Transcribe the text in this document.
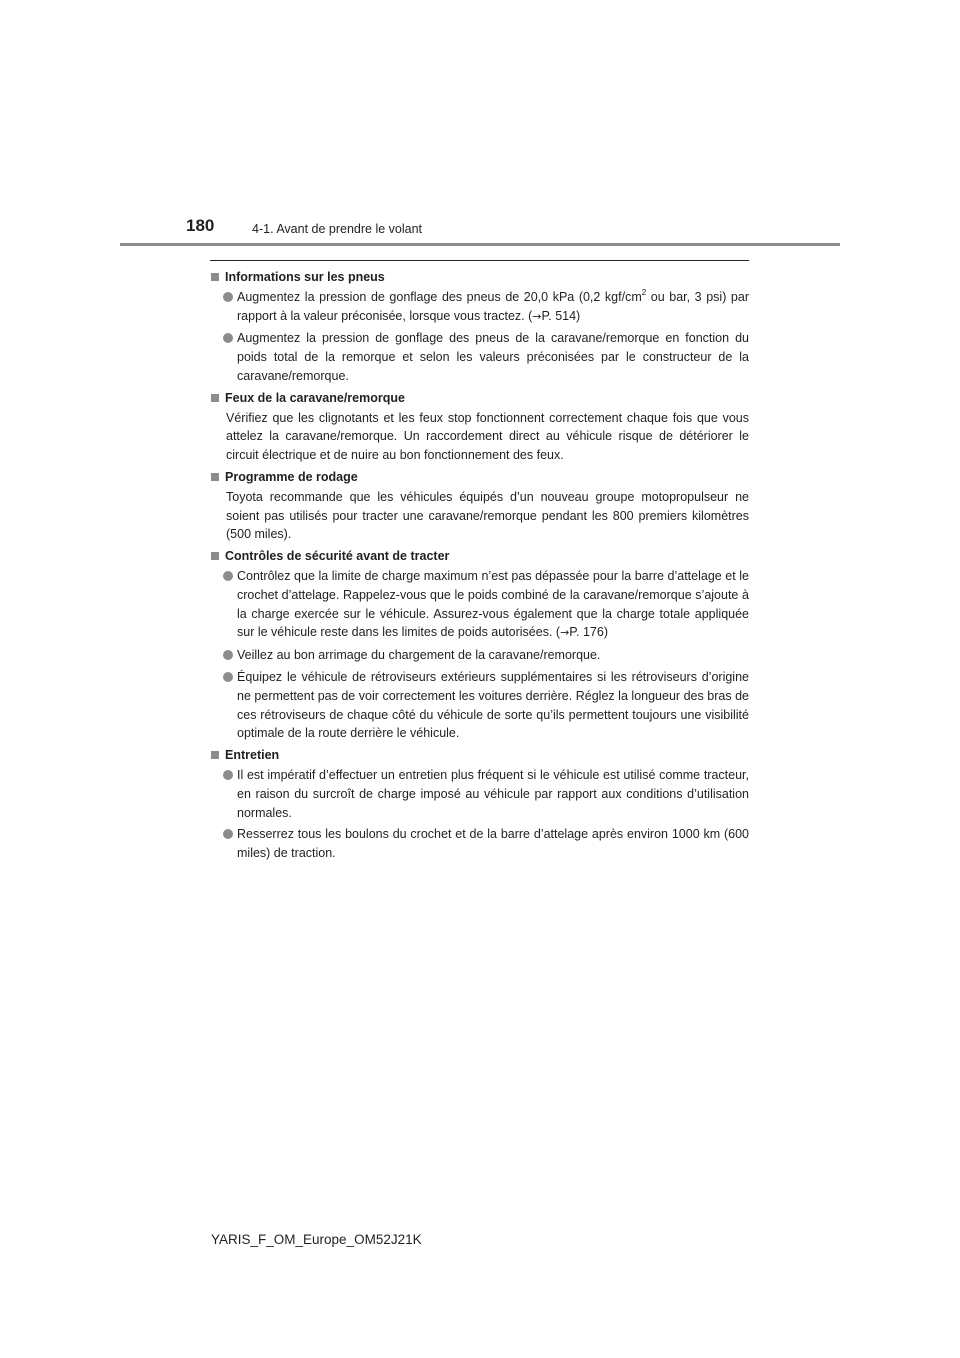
180	4-1. Avant de prendre le volant
Informations sur les pneus
Augmentez la pression de gonflage des pneus de 20,0 kPa (0,2 kgf/$cm^2$ ou bar, 3 psi) par rapport à la valeur préconisée, lorsque vous tractez. (→P. 514)
Augmentez la pression de gonflage des pneus de la caravane/remorque en fonction du poids total de la remorque et selon les valeurs préconisées par le constructeur de la caravane/remorque.
Feux de la caravane/remorque
Vérifiez que les clignotants et les feux stop fonctionnent correctement chaque fois que vous attelez la caravane/remorque. Un raccordement direct au véhicule risque de détériorer le circuit électrique et de nuire au bon fonctionnement des feux.
Programme de rodage
Toyota recommande que les véhicules équipés d’un nouveau groupe motopropulseur ne soient pas utilisés pour tracter une caravane/remorque pendant les 800 premiers kilomètres (500 miles).
Contrôles de sécurité avant de tracter
Contrôlez que la limite de charge maximum n’est pas dépassée pour la barre d’attelage et le crochet d’attelage. Rappelez-vous que le poids combiné de la caravane/remorque s’ajoute à la charge exercée sur le véhicule. Assurez-vous également que la charge totale appliquée sur le véhicule reste dans les limites de poids autorisées. (→P. 176)
Veillez au bon arrimage du chargement de la caravane/remorque.
Équipez le véhicule de rétroviseurs extérieurs supplémentaires si les rétroviseurs d’origine ne permettent pas de voir correctement les voitures derrière. Réglez la longueur des bras de ces rétroviseurs de chaque côté du véhicule de sorte qu’ils permettent toujours une visibilité optimale de la route derrière le véhicule.
Entretien
Il est impératif d’effectuer un entretien plus fréquent si le véhicule est utilisé comme tracteur, en raison du surcroît de charge imposé au véhicule par rapport aux conditions d’utilisation normales.
Resserrez tous les boulons du crochet et de la barre d’attelage après environ 1000 km (600 miles) de traction.
YARIS_F_OM_Europe_OM52J21K
